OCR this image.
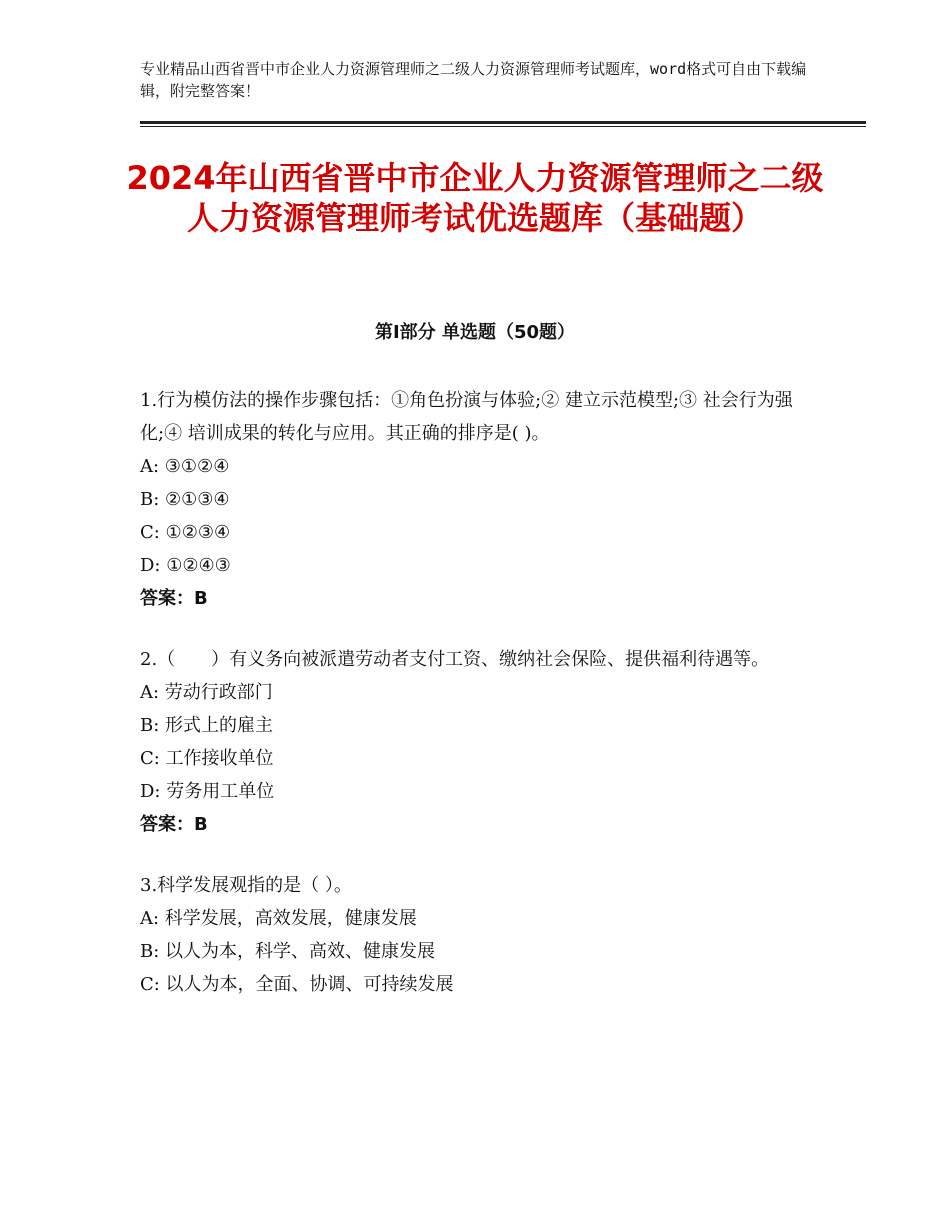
专业精品山西省晋中市企业人力资源管理师之二级人力资源管理师考试题库，word格式可自由下载编辑，附完整答案！
2024年山西省晋中市企业人力资源管理师之二级人力资源管理师考试优选题库（基础题）
第Ⅰ部分 单选题（50题）
1.行为模仿法的操作步骤包括：①角色扮演与体验;② 建立示范模型;③ 社会行为强化;④ 培训成果的转化与应用。其正确的排序是( )。
A: ③①②④
B: ②①③④
C: ①②③④
D: ①②④③
答案：B
2.（　　）有义务向被派遣劳动者支付工资、缴纳社会保险、提供福利待遇等。
A: 劳动行政部门
B: 形式上的雇主
C: 工作接收单位
D: 劳务用工单位
答案：B
3.科学发展观指的是（ ）。
A: 科学发展，高效发展，健康发展
B: 以人为本，科学、高效、健康发展
C: 以人为本，全面、协调、可持续发展
